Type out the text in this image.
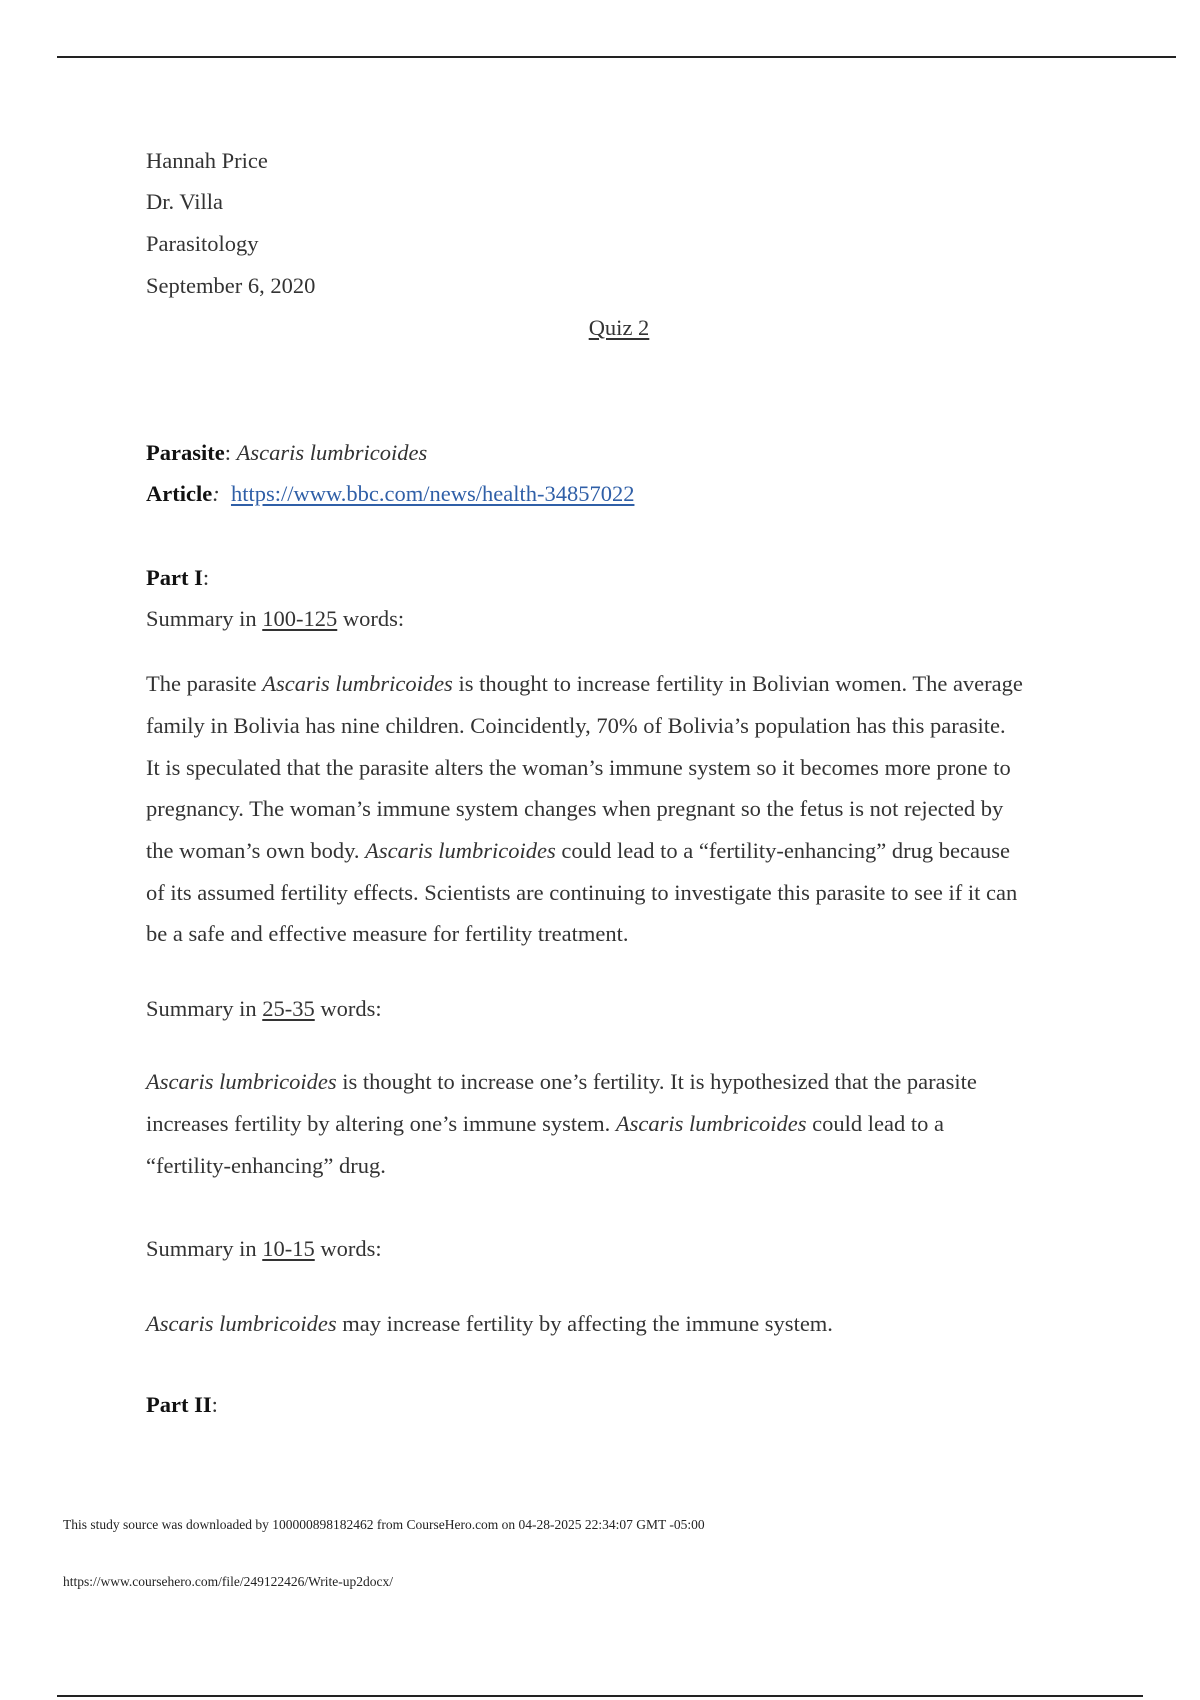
Hannah Price
Dr. Villa
Parasitology
September 6, 2020
Quiz 2
Parasite: Ascaris lumbricoides
Article: https://www.bbc.com/news/health-34857022
Part I:
Summary in 100-125 words:
The parasite Ascaris lumbricoides is thought to increase fertility in Bolivian women. The average
family in Bolivia has nine children. Coincidently, 70% of Bolivia’s population has this parasite.
It is speculated that the parasite alters the woman’s immune system so it becomes more prone to
pregnancy. The woman’s immune system changes when pregnant so the fetus is not rejected by
the woman’s own body. Ascaris lumbricoides could lead to a “fertility-enhancing” drug because
of its assumed fertility effects. Scientists are continuing to investigate this parasite to see if it can
be a safe and effective measure for fertility treatment.
Summary in 25-35 words:
Ascaris lumbricoides is thought to increase one’s fertility. It is hypothesized that the parasite
increases fertility by altering one’s immune system. Ascaris lumbricoides could lead to a
“fertility-enhancing” drug.
Summary in 10-15 words:
Ascaris lumbricoides may increase fertility by affecting the immune system.
Part II:
This study source was downloaded by 100000898182462 from CourseHero.com on 04-28-2025 22:34:07 GMT -05:00
https://www.coursehero.com/file/249122426/Write-up2docx/
